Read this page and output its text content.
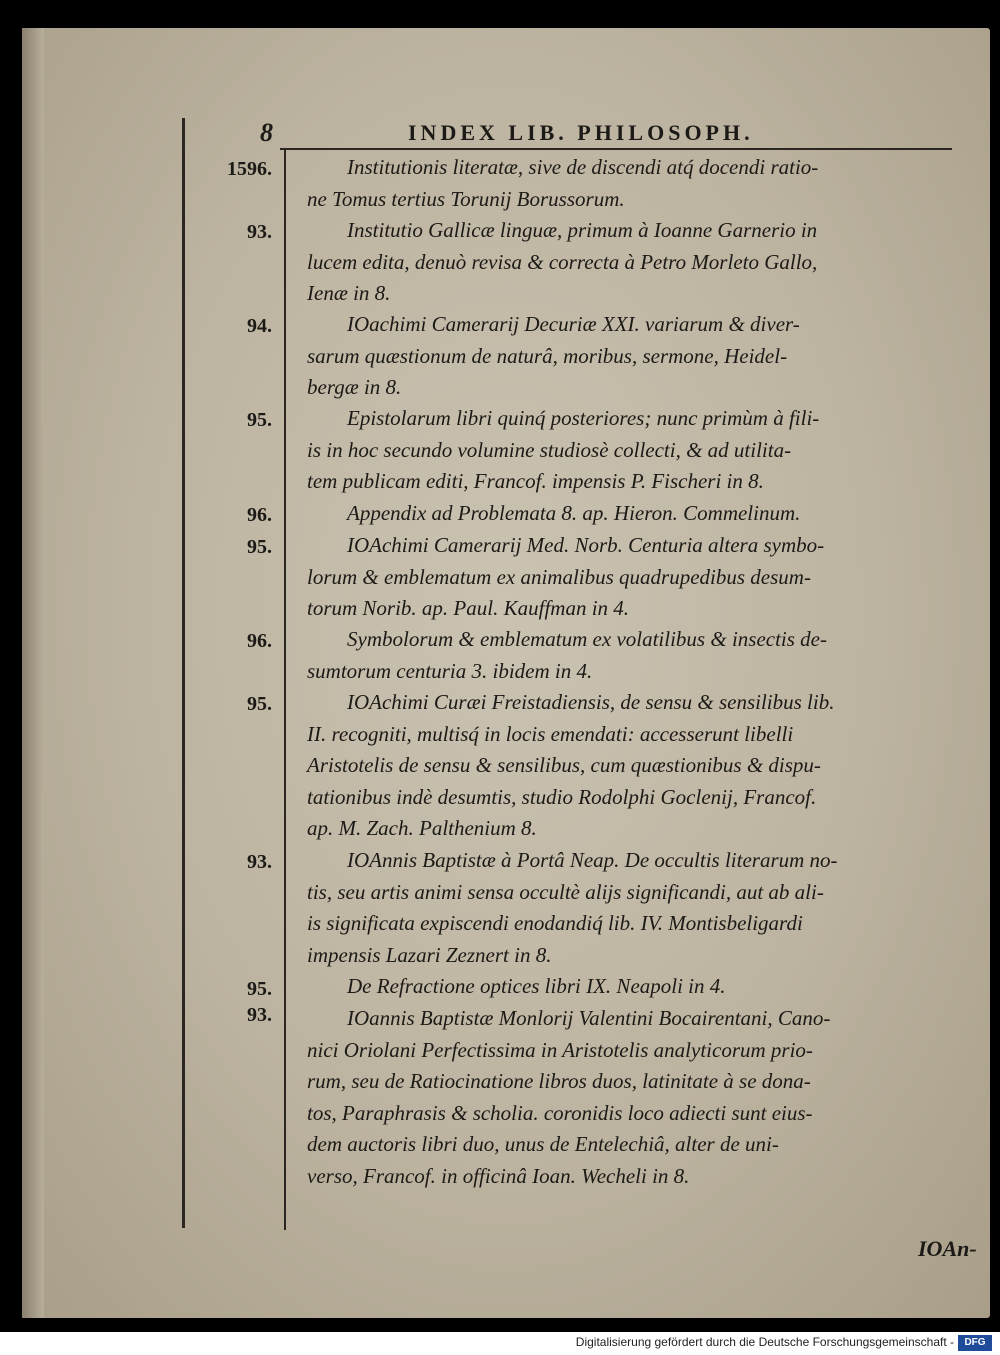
8	INDEX LIB. PHILOSOPH.
1596.
93.
94.
95.
96.
95.
96.
95.
93.
95.
93.
Institutionis literatæ, sive de discendi atq́ docendi ratio-
ne Tomus tertius Torunij Borussorum.
Institutio Gallicæ linguæ, primum à Ioanne Garnerio in
lucem edita, denuò revisa & correcta à Petro Morleto Gallo,
Ienæ in 8.
IOachimi Camerarij Decuriæ XXI. variarum & diver-
sarum quæstionum de naturâ, moribus, sermone, Heidel-
bergæ in 8.
Epistolarum libri quinq́ posteriores; nunc primùm à fili-
is in hoc secundo volumine studiosè collecti, & ad utilita-
tem publicam editi, Francof. impensis P. Fischeri in 8.
Appendix ad Problemata 8. ap. Hieron. Commelinum.
IOAchimi Camerarij Med. Norb. Centuria altera symbo-
lorum & emblematum ex animalibus quadrupedibus desum-
torum Norib. ap. Paul. Kauffman in 4.
Symbolorum & emblematum ex volatilibus & insectis de-
sumtorum centuria 3. ibidem in 4.
IOAchimi Curæi Freistadiensis, de sensu & sensilibus lib.
II. recogniti, multisq́ in locis emendati: accesserunt libelli
Aristotelis de sensu & sensilibus, cum quæstionibus & dispu-
tationibus indè desumtis, studio Rodolphi Goclenij, Francof.
ap. M. Zach. Palthenium 8.
IOAnnis Baptistæ à Portâ Neap. De occultis literarum no-
tis, seu artis animi sensa occultè alijs significandi, aut ab ali-
is significata expiscendi enodandiq́ lib. IV. Montisbeligardi
impensis Lazari Zeznert in 8.
De Refractione optices libri IX. Neapoli in 4.
IOannis Baptistæ Monlorij Valentini Bocairentani, Cano-
nici Oriolani Perfectissima in Aristotelis analyticorum prio-
rum, seu de Ratiocinatione libros duos, latinitate à se dona-
tos, Paraphrasis & scholia. coronidis loco adiecti sunt eius-
dem auctoris libri duo, unus de Entelechiâ, alter de uni-
verso, Francof. in officinâ Ioan. Wecheli in 8.
IOAn-
Digitalisierung gefördert durch die Deutsche Forschungsgemeinschaft -	DFG
